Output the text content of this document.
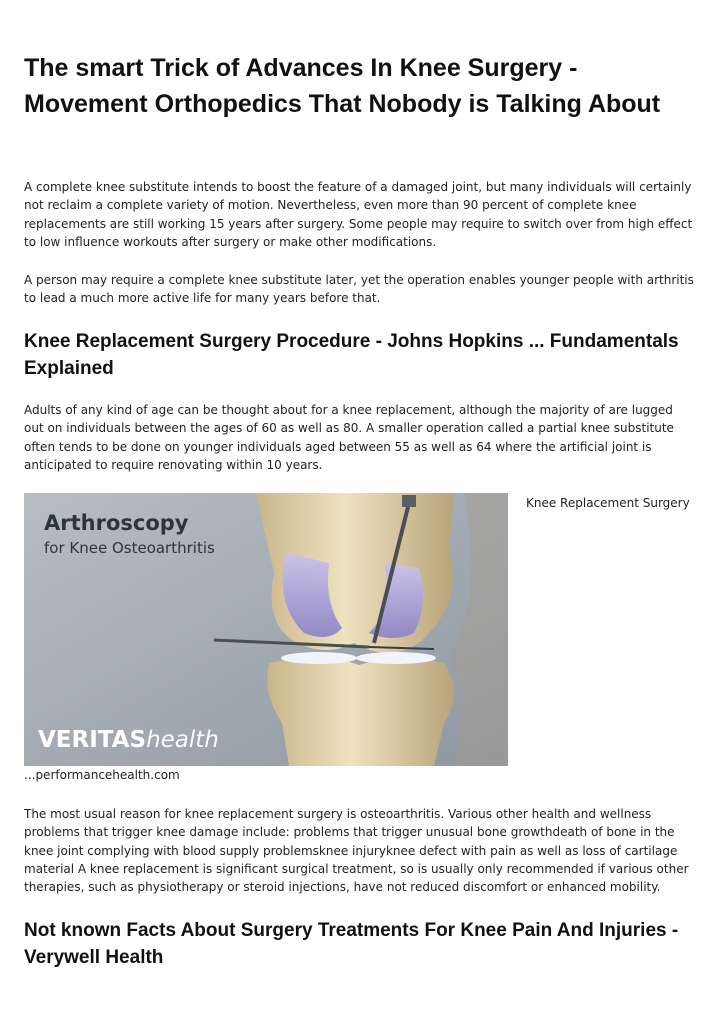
The smart Trick of Advances In Knee Surgery - Movement Orthopedics That Nobody is Talking About

A complete knee substitute intends to boost the feature of a damaged joint, but many individuals will certainly not reclaim a complete variety of motion. Nevertheless, even more than 90 percent of complete knee replacements are still working 15 years after surgery. Some people may require to switch over from high effect to low influence workouts after surgery or make other modifications.

A person may require a complete knee substitute later, yet the operation enables younger people with arthritis to lead a much more active life for many years before that.

Knee Replacement Surgery Procedure - Johns Hopkins ... Fundamentals Explained

Adults of any kind of age can be thought about for a knee replacement, although the majority of are lugged out on individuals between the ages of 60 as well as 80. A smaller operation called a partial knee substitute often tends to be done on younger individuals aged between 55 as well as 64 where the artificial joint is anticipated to require renovating within 10 years.

Arthroscopy
for Knee Osteoarthritis
VERITAShealth
Knee Replacement Surgery
...performancehealth.com

The most usual reason for knee replacement surgery is osteoarthritis. Various other health and wellness problems that trigger knee damage include: problems that trigger unusual bone growthdeath of bone in the knee joint complying with blood supply problemsknee injuryknee defect with pain as well as loss of cartilage material A knee replacement is significant surgical treatment, so is usually only recommended if various other therapies, such as physiotherapy or steroid injections, have not reduced discomfort or enhanced mobility.

Not known Facts About Surgery Treatments For Knee Pain And Injuries - Verywell Health
